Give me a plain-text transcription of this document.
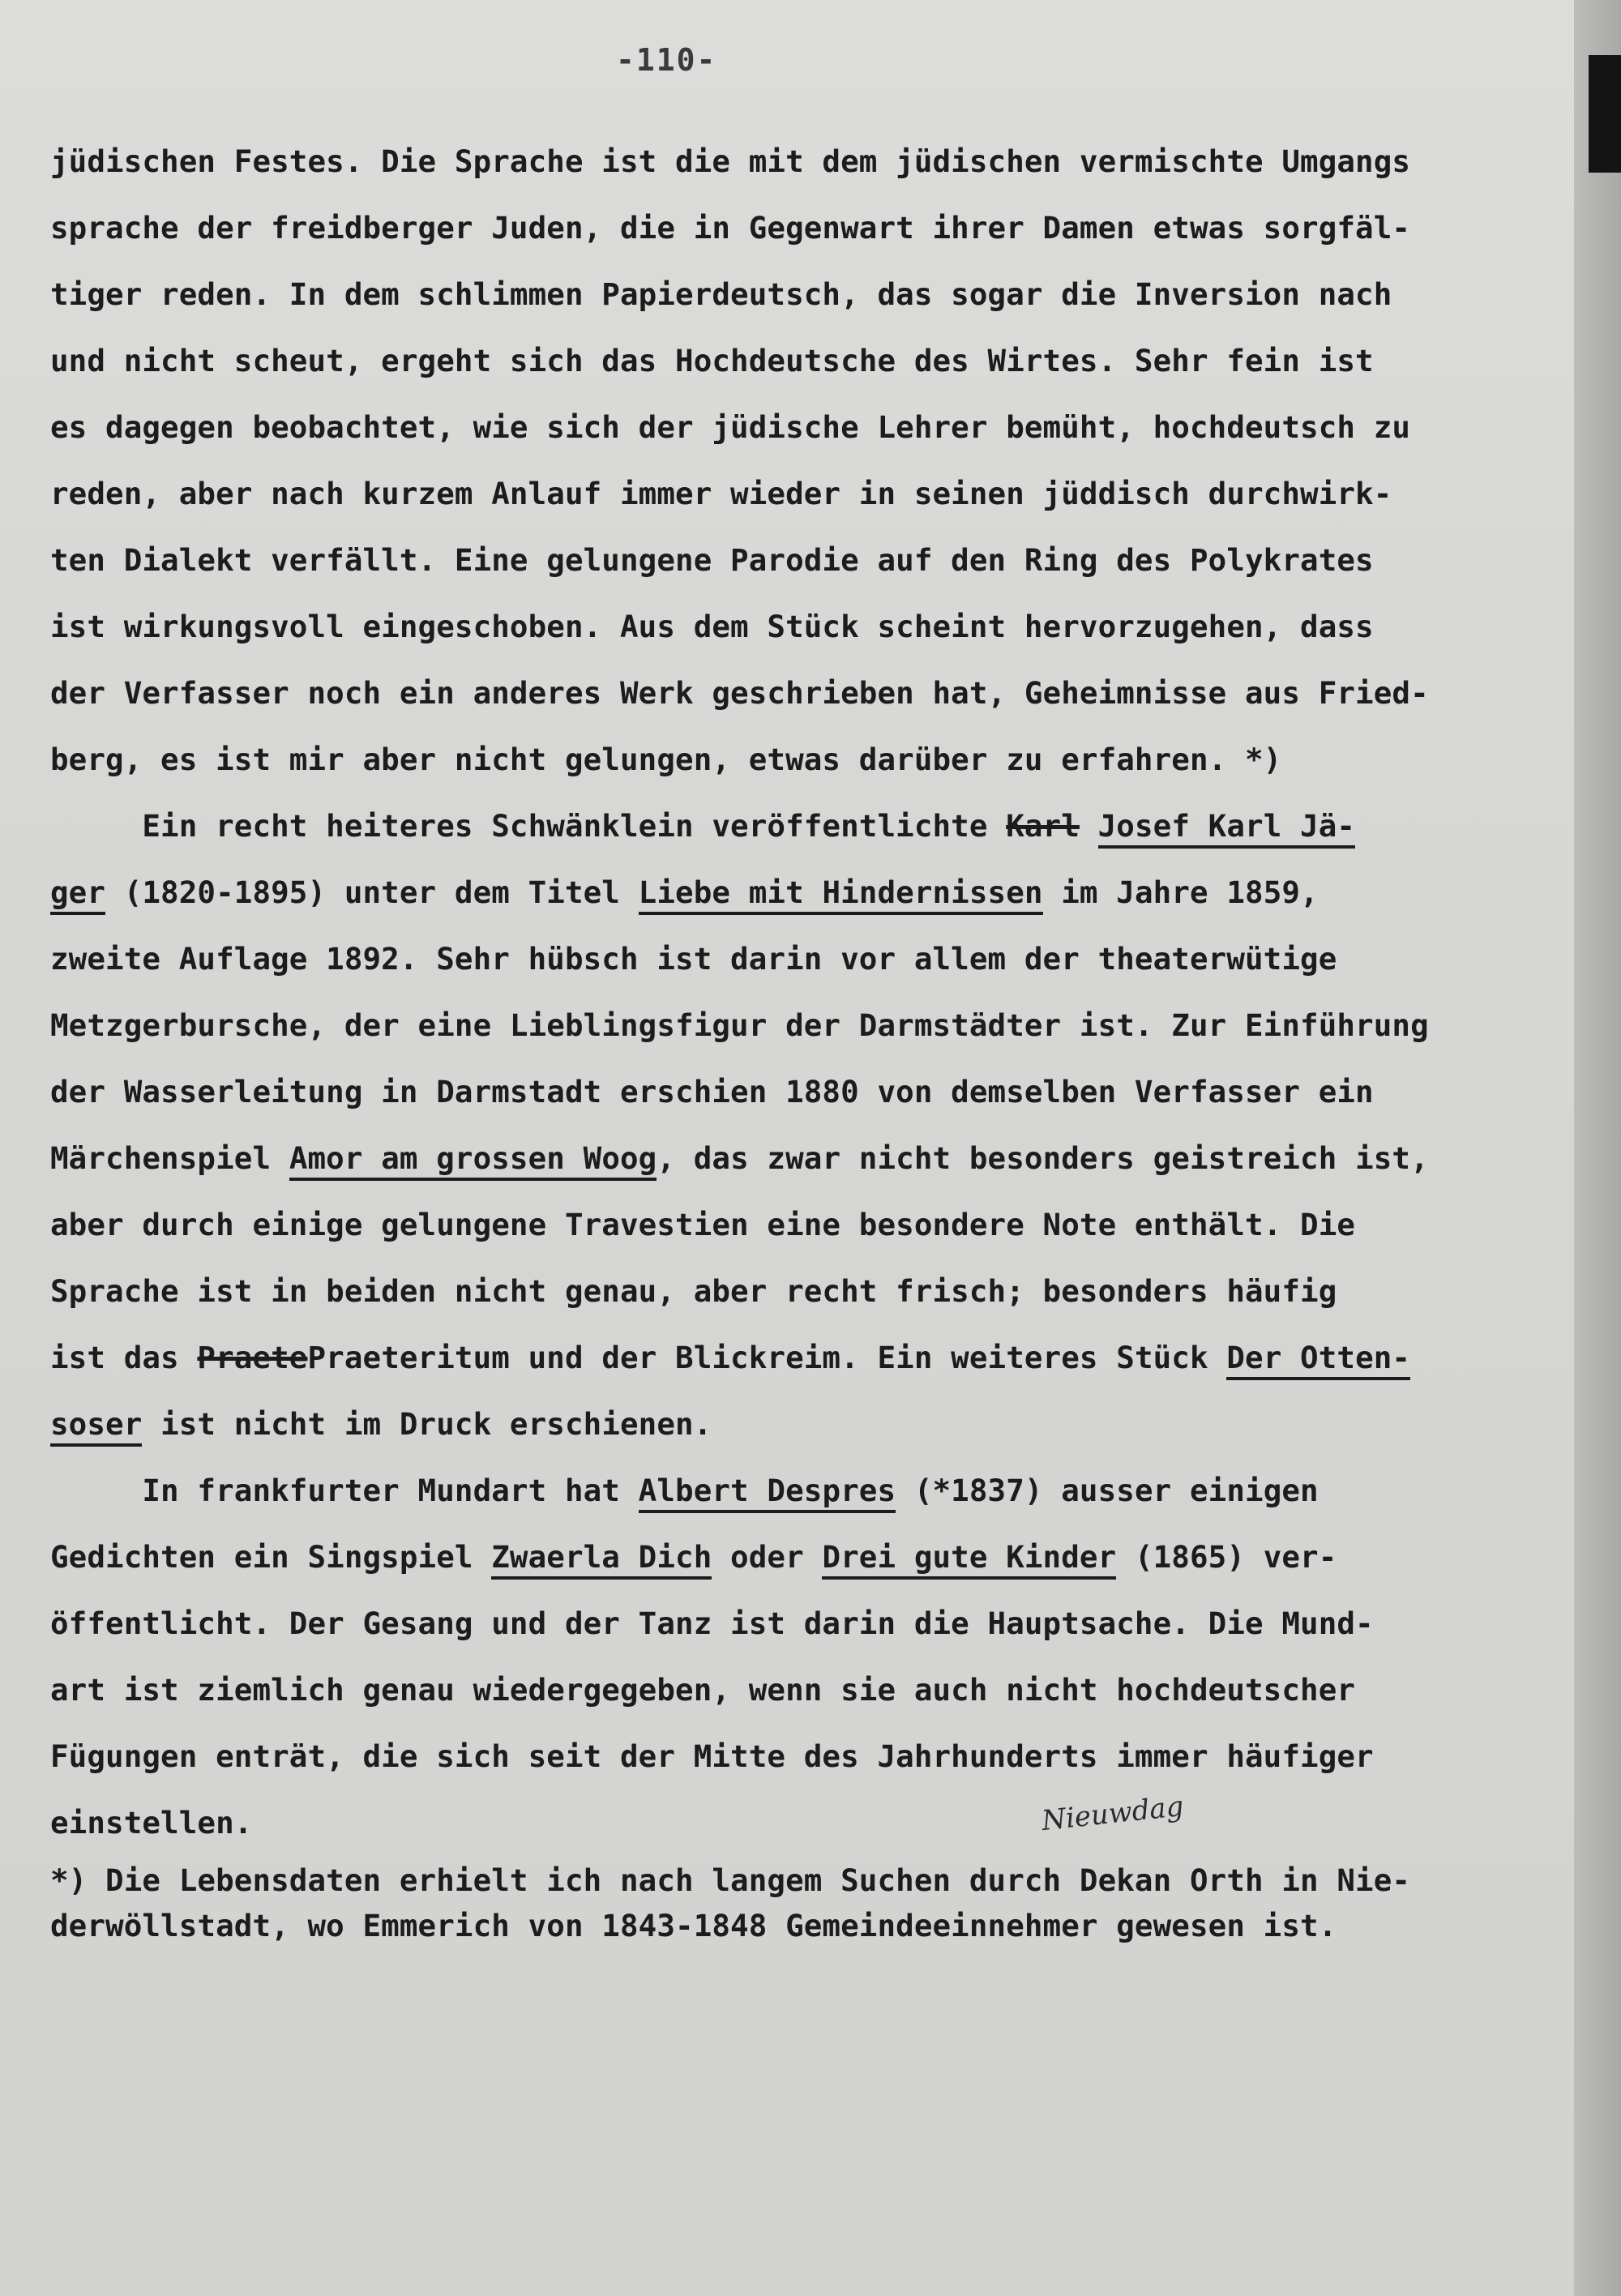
-110-
jüdischen Festes. Die Sprache ist die mit dem jüdischen vermischte Umgangs
sprache der freidberger Juden, die in Gegenwart ihrer Damen etwas sorgfäl-
tiger reden. In dem schlimmen Papierdeutsch, das sogar die Inversion nach
und nicht scheut, ergeht sich das Hochdeutsche des Wirtes. Sehr fein ist
es dagegen beobachtet, wie sich der jüdische Lehrer bemüht, hochdeutsch zu
reden, aber nach kurzem Anlauf immer wieder in seinen jüddisch durchwirk-
ten Dialekt verfällt. Eine gelungene Parodie auf den Ring des Polykrates
ist wirkungsvoll eingeschoben. Aus dem Stück scheint hervorzugehen, dass
der Verfasser noch ein anderes Werk geschrieben hat, Geheimnisse aus Fried-
berg, es ist mir aber nicht gelungen, etwas darüber zu erfahren. *)
Ein recht heiteres Schwänklein veröffentlichte Karl Josef Karl Jä-
ger (1820-1895) unter dem Titel Liebe mit Hindernissen im Jahre 1859,
zweite Auflage 1892. Sehr hübsch ist darin vor allem der theaterwütige
Metzgerbursche, der eine Lieblingsfigur der Darmstädter ist. Zur Einführung
der Wasserleitung in Darmstadt erschien 1880 von demselben Verfasser ein
Märchenspiel Amor am grossen Woog, das zwar nicht besonders geistreich ist,
aber durch einige gelungene Travestien eine besondere Note enthält. Die
Sprache ist in beiden nicht genau, aber recht frisch; besonders häufig
ist das PraetePraeteritum und der Blickreim. Ein weiteres Stück Der Otten-
soser ist nicht im Druck erschienen.
In frankfurter Mundart hat Albert Despres (*1837) ausser einigen
Gedichten ein Singspiel Zwaerla Dich oder Drei gute Kinder (1865) ver-
öffentlicht. Der Gesang und der Tanz ist darin die Hauptsache. Die Mund-
art ist ziemlich genau wiedergegeben, wenn sie auch nicht hochdeutscher
Fügungen enträt, die sich seit der Mitte des Jahrhunderts immer häufiger
einstellen.	Nieuwdag
*) Die Lebensdaten erhielt ich nach langem Suchen durch Dekan Orth in Nie-
derwöllstadt, wo Emmerich von 1843-1848 Gemeindeeinnehmer gewesen ist.
